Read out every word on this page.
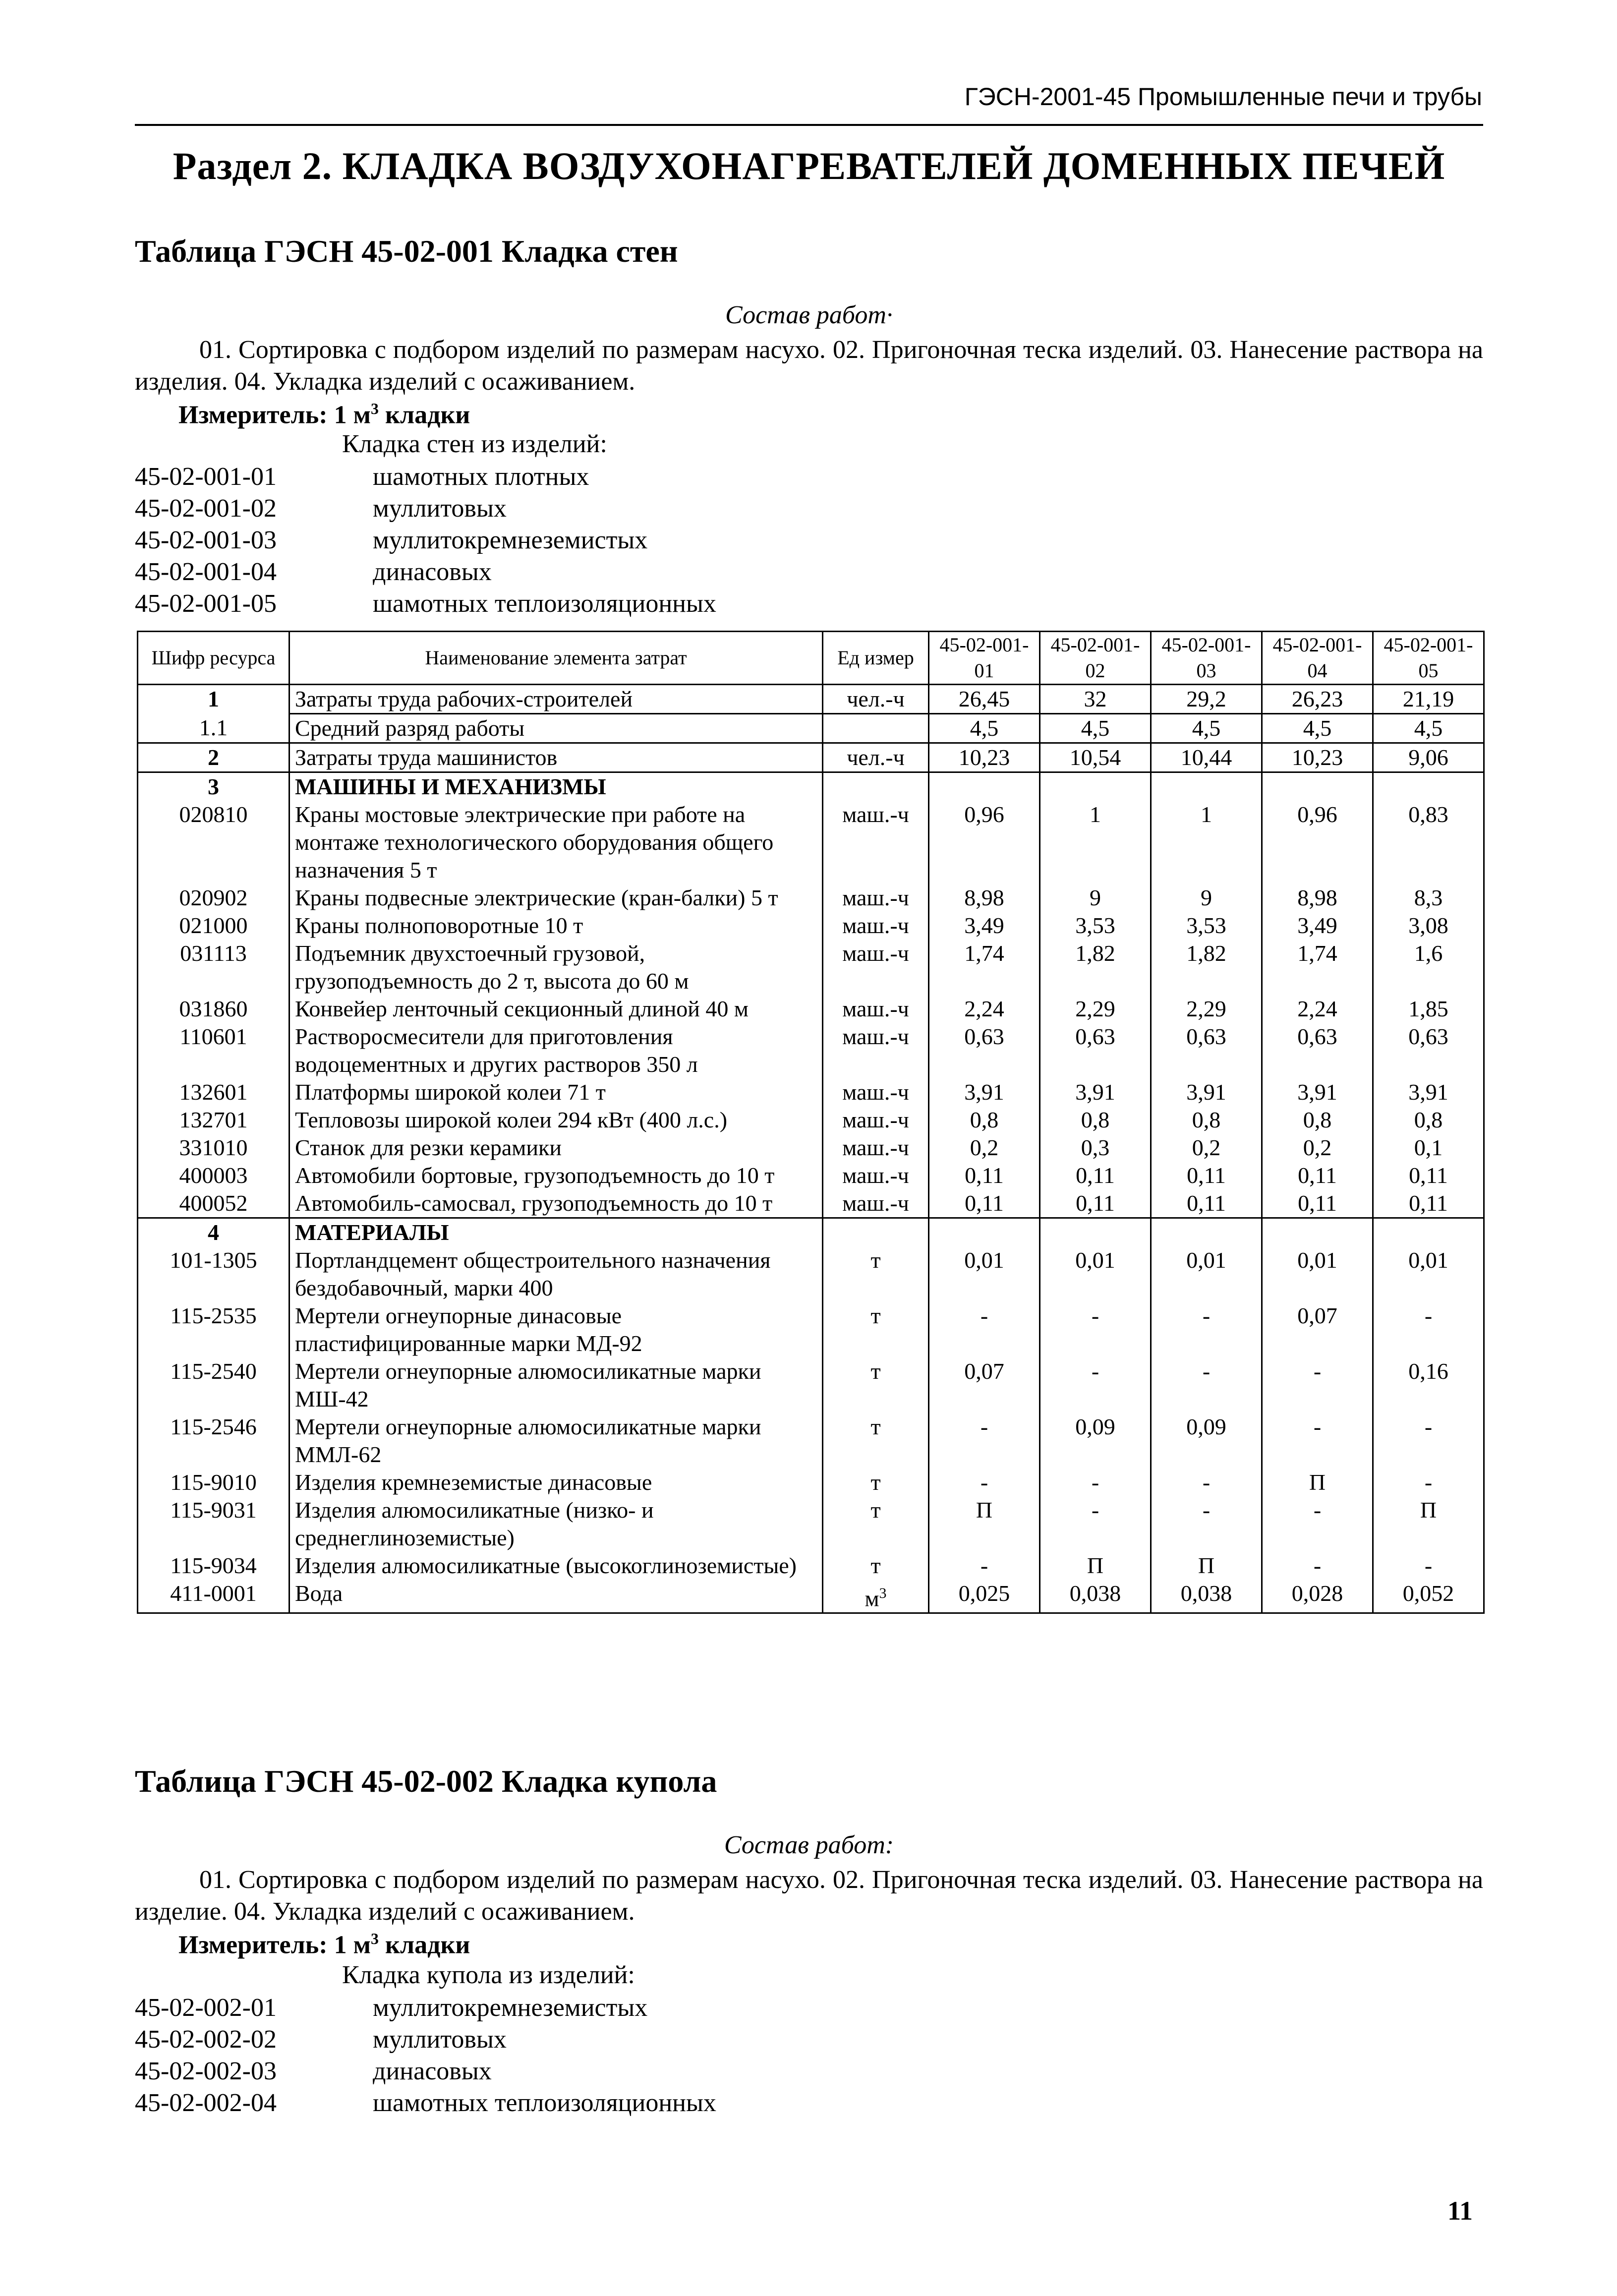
ГЭСН-2001-45 Промышленные печи и трубы
Раздел 2. КЛАДКА ВОЗДУХОНАГРЕВАТЕЛЕЙ ДОМЕННЫХ ПЕЧЕЙ
Таблица ГЭСН 45-02-001 Кладка стен
Состав работ·
01. Сортировка с подбором изделий по размерам насухо. 02. Пригоночная теска изделий. 03. Нанесение раствора на изделия. 04. Укладка изделий с осаживанием.
Измеритель: 1 $м^3$ кладки
Кладка стен из изделий:
45-02-001-01	шамотных плотных
45-02-001-02	муллитовых
45-02-001-03	муллитокремнеземистых
45-02-001-04	динасовых
45-02-001-05	шамотных теплоизоляционных
Шифр ресурса	Наименование элемента затрат	Ед измер	45-02-001-01	45-02-001-02	45-02-001-03	45-02-001-04	45-02-001-05
1	Затраты труда рабочих-строителей	чел.-ч	26,45	32	29,2	26,23	21,19
1.1	Средний разряд работы		4,5	4,5	4,5	4,5	4,5
2	Затраты труда машинистов	чел.-ч	10,23	10,54	10,44	10,23	9,06
3	МАШИНЫ И МЕХАНИЗМЫ						
020810	Краны мостовые электрические при работе на монтаже технологического оборудования общего назначения 5 т	маш.-ч	0,96	1	1	0,96	0,83
020902	Краны подвесные электрические (кран-балки) 5 т	маш.-ч	8,98	9	9	8,98	8,3
021000	Краны полноповоротные 10 т	маш.-ч	3,49	3,53	3,53	3,49	3,08
031113	Подъемник двухстоечный грузовой, грузоподъемность до 2 т, высота до 60 м	маш.-ч	1,74	1,82	1,82	1,74	1,6
031860	Конвейер ленточный секционный длиной 40 м	маш.-ч	2,24	2,29	2,29	2,24	1,85
110601	Растворосмесители для приготовления водоцементных и других растворов 350 л	маш.-ч	0,63	0,63	0,63	0,63	0,63
132601	Платформы широкой колеи 71 т	маш.-ч	3,91	3,91	3,91	3,91	3,91
132701	Тепловозы широкой колеи 294 кВт (400 л.с.)	маш.-ч	0,8	0,8	0,8	0,8	0,8
331010	Станок для резки керамики	маш.-ч	0,2	0,3	0,2	0,2	0,1
400003	Автомобили бортовые, грузоподъемность до 10 т	маш.-ч	0,11	0,11	0,11	0,11	0,11
400052	Автомобиль-самосвал, грузоподъемность до 10 т	маш.-ч	0,11	0,11	0,11	0,11	0,11
4	МАТЕРИАЛЫ						
101-1305	Портландцемент общестроительного назначения бездобавочный, марки 400	т	0,01	0,01	0,01	0,01	0,01
115-2535	Мертели огнеупорные динасовые пластифицированные марки МД-92	т	-	-	-	0,07	-
115-2540	Мертели огнеупорные алюмосиликатные марки МШ-42	т	0,07	-	-	-	0,16
115-2546	Мертели огнеупорные алюмосиликатные марки ММЛ-62	т	-	0,09	0,09	-	-
115-9010	Изделия кремнеземистые динасовые	т	-	-	-	П	-
115-9031	Изделия алюмосиликатные (низко- и среднеглиноземистые)	т	П	-	-	-	П
115-9034	Изделия алюмосиликатные (высокоглиноземистые)	т	-	П	П	-	-
411-0001	Вода	$м^3$	0,025	0,038	0,038	0,028	0,052
Таблица ГЭСН 45-02-002 Кладка купола
Состав работ:
01. Сортировка с подбором изделий по размерам насухо. 02. Пригоночная теска изделий. 03. Нанесение раствора на изделие. 04. Укладка изделий с осаживанием.
Измеритель: 1 $м^3$ кладки
Кладка купола из изделий:
45-02-002-01	муллитокремнеземистых
45-02-002-02	муллитовых
45-02-002-03	динасовых
45-02-002-04	шамотных теплоизоляционных
11
